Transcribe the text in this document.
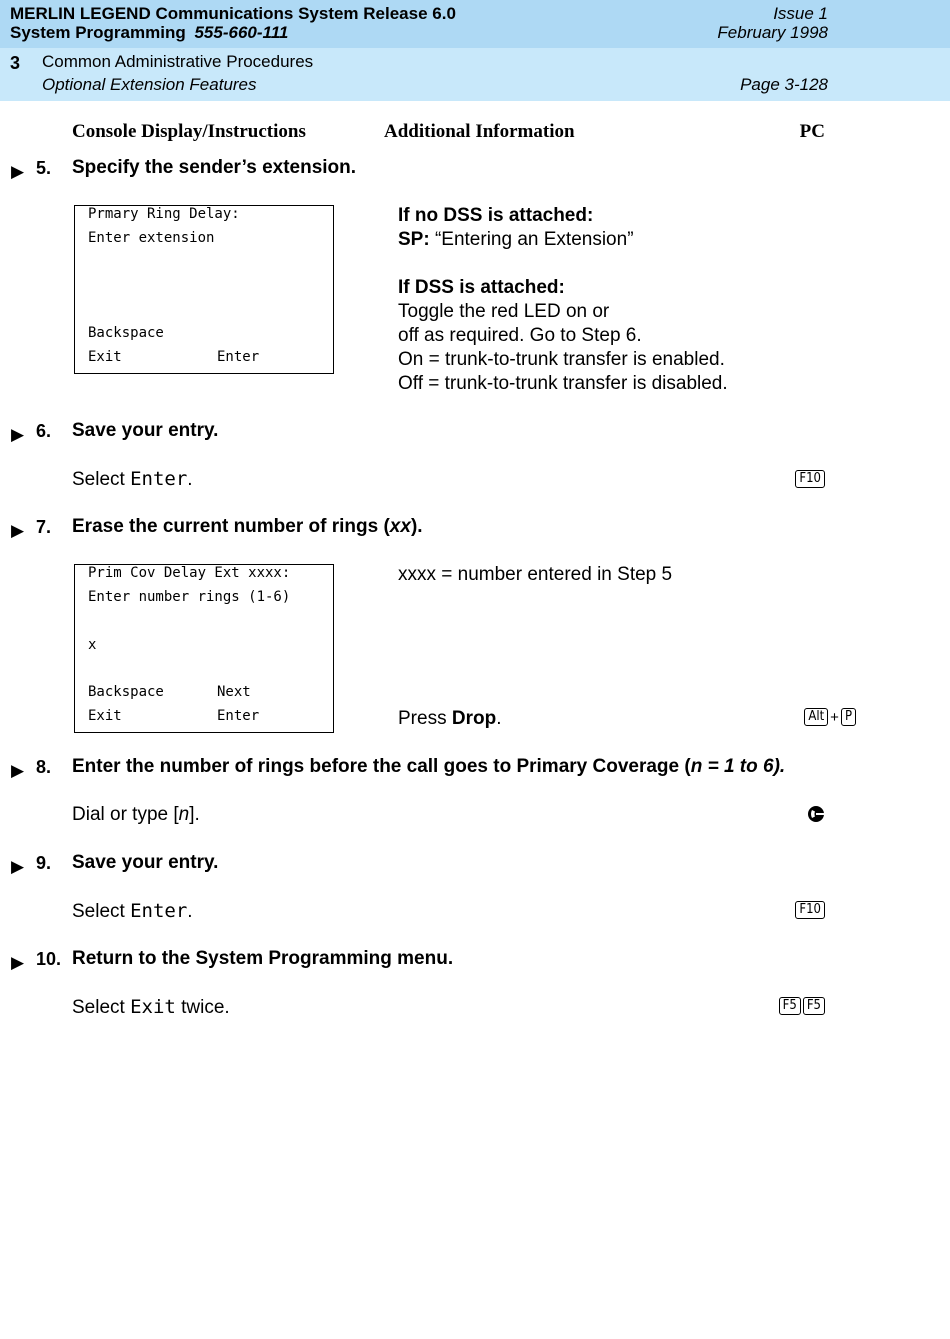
MERLIN LEGEND Communications System Release 6.0	Issue 1
System Programming 555-660-111	February 1998
3 Common Administrative Procedures
Optional Extension Features	Page 3-128
Console Display/Instructions	Additional Information	PC
▶ 5. Specify the sender’s extension.
Prmary Ring Delay:
Enter extension
Backspace
Exit	Enter
If no DSS is attached:
SP: “Entering an Extension”
If DSS is attached:
Toggle the red LED on or
off as required. Go to Step 6.
On = trunk-to-trunk transfer is enabled.
Off = trunk-to-trunk transfer is disabled.
▶ 6. Save your entry.
Select Enter.	F10
▶ 7. Erase the current number of rings (xx).
Prim Cov Delay Ext xxxx:
Enter number rings (1-6)
x
Backspace	Next
Exit	Enter
xxxx = number entered in Step 5
Press Drop.	Alt + P
▶ 8. Enter the number of rings before the call goes to Primary Coverage (n = 1 to 6).
Dial or type [n].
▶ 9. Save your entry.
Select Enter.	F10
▶ 10. Return to the System Programming menu.
Select Exit twice.	F5 F5
